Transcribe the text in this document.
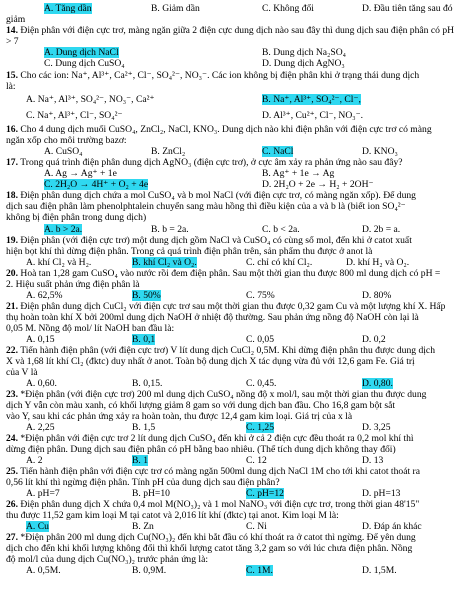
A. Tăng dần	B. Giảm dần	C. Không đổi	D. Đầu tiên tăng sau đó
giảm
14. Điện phân với điện cực trơ, màng ngăn giữa 2 điện cực dung dịch nào sau đây thì dung dịch sau điện phân có pH
> 7
A. Dung dịch NaCl	B. Dung dịch Na₂SO₄
C. Dung dịch CuSO₄	D. Dung dịch AgNO₃
15. Cho các ion: Na⁺, Al³⁺, Ca²⁺, Cl⁻, SO₄²⁻, NO₃⁻. Các ion không bị điện phân khi ở trạng thái dung dịch
là:
A. Na⁺, Al³⁺, SO₄²⁻, NO₃⁻, Ca²⁺	B. Na⁺, Al³⁺, SO₄²⁻, Cl⁻,
C. Na⁺, Al³⁺, Cl⁻, SO₄²⁻	D. Al³⁺, Cu²⁺, Cl⁻, NO₃⁻.
16. Cho 4 dung dịch muối CuSO₄, ZnCl₂, NaCl, KNO₃. Dung dịch nào khi điện phân với điện cực trơ có màng
ngăn xốp cho môi trường bazơ:
A. CuSO₄	B. ZnCl₂	C. NaCl	D. KNO₃
17. Trong quá trình điện phân dung dịch AgNO₃ (điện cực trơ), ở cực âm xảy ra phản ứng nào sau đây?
A. Ag → Ag⁺ + 1e	B. Ag⁺ + 1e → Ag
C. 2H₂O → 4H⁺ + O₂ + 4e	D. 2H₂O + 2e → H₂ + 2OH⁻
18. Điện phân dung dịch chứa a mol CuSO₄ và b mol NaCl (với điện cực trơ, có màng ngăn xốp). Để dung
dịch sau điện phân làm phenolphtalein chuyển sang màu hồng thì điều kiện của a và b là (biết ion SO₄²⁻
không bị điện phân trong dung dịch)
A. b > 2a.	B. b = 2a.	C. b < 2a.	D. 2b = a.
19. Điện phân (với điện cực trơ) một dung dịch gồm NaCl và CuSO₄ có cùng số mol, đến khi ở catot xuất
hiện bọt khí thì dừng điện phân. Trong cả quá trình điện phân trên, sản phẩm thu được ở anot là
A. khí Cl₂ và H₂.	B. khí Cl₂ và O₂.	C. chỉ có khí Cl₂.	D. khí H₂ và O₂.
20. Hoà tan 1,28 gam CuSO₄ vào nước rồi đem điện phân. Sau một thời gian thu được 800 ml dung dịch có pH =
2. Hiệu suất phản ứng điện phân là
A. 62,5%	B. 50%	C. 75%	D. 80%
21. Điện phân dung dịch CuCl₂ với điện cực trơ sau một thời gian thu được 0,32 gam Cu và một lượng khí X. Hấp
thụ hoàn toàn khí X bởi 200ml dung dịch NaOH ở nhiệt độ thường. Sau phản ứng nồng độ NaOH còn lại là
0,05 M. Nồng độ mol/ lít NaOH ban đầu là:
A. 0,15	B. 0,1	C. 0,05	D. 0,2
22. Tiến hành điện phân (với điện cực trơ) V lít dung dịch CuCl₂ 0,5M. Khi dừng điện phân thu được dung dịch
X và 1,68 lít khí Cl₂ (đktc) duy nhất ở anot. Toàn bộ dung dịch X tác dụng vừa đủ với 12,6 gam Fe. Giá trị
của V là
A. 0,60.	B. 0,15.	C. 0,45.	D. 0,80.
23. *Điện phân (với điện cực trơ) 200 ml dung dịch CuSO₄ nồng độ x mol/l, sau một thời gian thu được dung
dịch Y vẫn còn màu xanh, có khối lượng giảm 8 gam so với dung dịch ban đầu. Cho 16,8 gam bột sắt
vào Y, sau khi các phản ứng xảy ra hoàn toàn, thu được 12,4 gam kim loại. Giá trị của x là
A. 2,25	B. 1,5	C. 1,25	D. 3,25
24. *Điện phân với điện cực trơ 2 lít dung dịch CuSO₄ đến khi ở cả 2 điện cực đều thoát ra 0,2 mol khí thì
dừng điện phân. Dung dịch sau điện phân có pH bằng bao nhiêu. (Thể tích dung dịch không thay đổi)
A. 2	B. 1	C. 12	D. 13
25. Tiến hành điện phân với điện cực trơ có màng ngăn 500ml dung dịch NaCl 1M cho tới khi catot thoát ra
0,56 lít khí thì ngừng điện phân. Tính pH của dung dịch sau điện phân?
A. pH=7	B. pH=10	C. pH=12	D. pH=13
26. Điện phân dung dịch X chứa 0,4 mol M(NO₃)₂ và 1 mol NaNO₃ với điện cực trơ, trong thời gian 48'15"
thu được 11,52 gam kim loại M tại catot và 2,016 lít khí (đktc) tại anot. Kim loại M là:
A. Cu	B. Zn	C. Ni	D. Đáp án khác
27. *Điện phân 200 ml dung dịch Cu(NO₃)₂ đến khi bắt đầu có khí thoát ra ở catot thì ngừng. Để yên dung
dịch cho đến khi khối lượng không đổi thì khối lượng catot tăng 3,2 gam so với lúc chưa điện phân. Nồng
độ mol/l của dung dịch Cu(NO₃)₂ trước phản ứng là:
A. 0,5M.	B. 0,9M.	C. 1M.	D. 1,5M.
